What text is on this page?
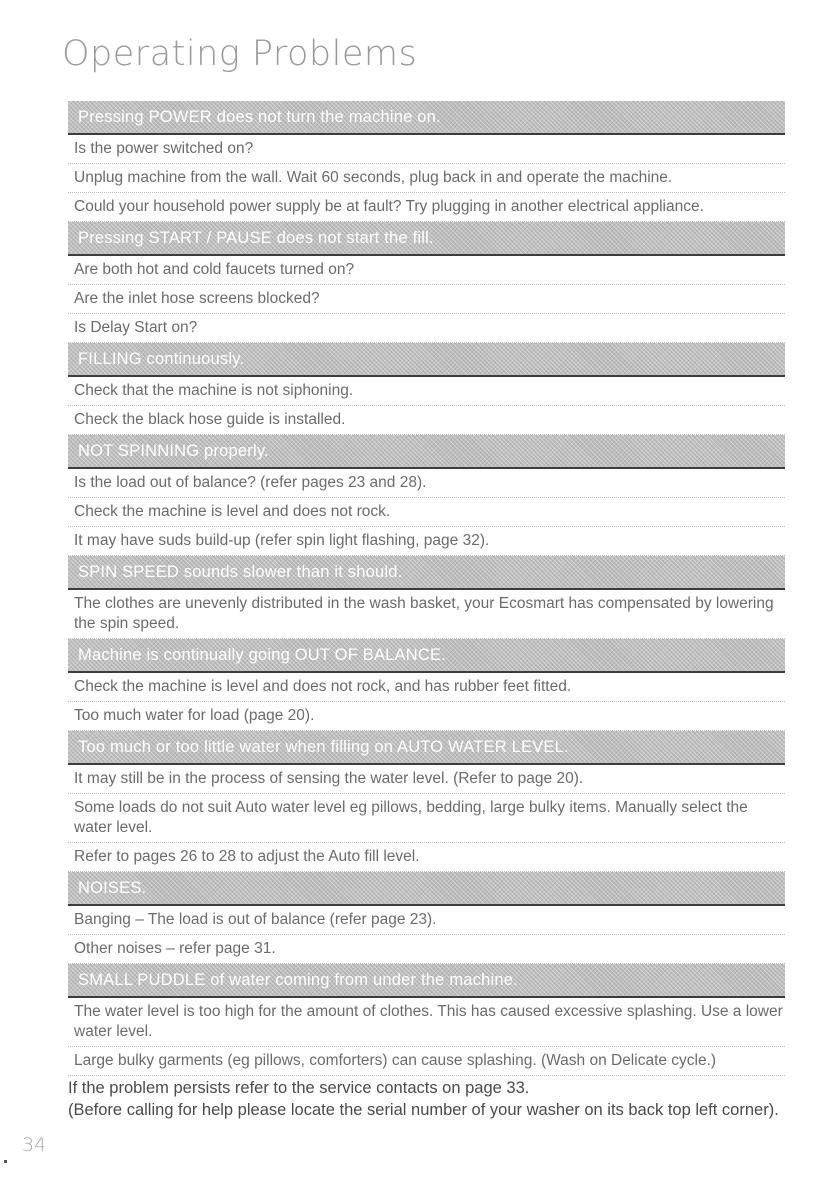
Operating Problems
Pressing POWER does not turn the machine on.
Is the power switched on?
Unplug machine from the wall. Wait 60 seconds, plug back in and operate the machine.
Could your household power supply be at fault? Try plugging in another electrical appliance.
Pressing START / PAUSE does not start the fill.
Are both hot and cold faucets turned on?
Are the inlet hose screens blocked?
Is Delay Start on?
FILLING continuously.
Check that the machine is not siphoning.
Check the black hose guide is installed.
NOT SPINNING properly.
Is the load out of balance? (refer pages 23 and 28).
Check the machine is level and does not rock.
It may have suds build-up (refer spin light flashing, page 32).
SPIN SPEED sounds slower than it should.
The clothes are unevenly distributed in the wash basket, your Ecosmart has compensated by lowering the spin speed.
Machine is continually going OUT OF BALANCE.
Check the machine is level and does not rock, and has rubber feet fitted.
Too much water for load (page 20).
Too much or too little water when filling on AUTO WATER LEVEL.
It may still be in the process of sensing the water level. (Refer to page 20).
Some loads do not suit Auto water level eg pillows, bedding, large bulky items. Manually select the water level.
Refer to pages 26 to 28 to adjust the Auto fill level.
NOISES.
Banging – The load is out of balance (refer page 23).
Other noises – refer page 31.
SMALL PUDDLE of water coming from under the machine.
The water level is too high for the amount of clothes. This has caused excessive splashing. Use a lower water level.
Large bulky garments (eg pillows, comforters) can cause splashing. (Wash on Delicate cycle.)

If the problem persists refer to the service contacts on page 33.

(Before calling for help please locate the serial number of your washer on its back top left corner).

34
